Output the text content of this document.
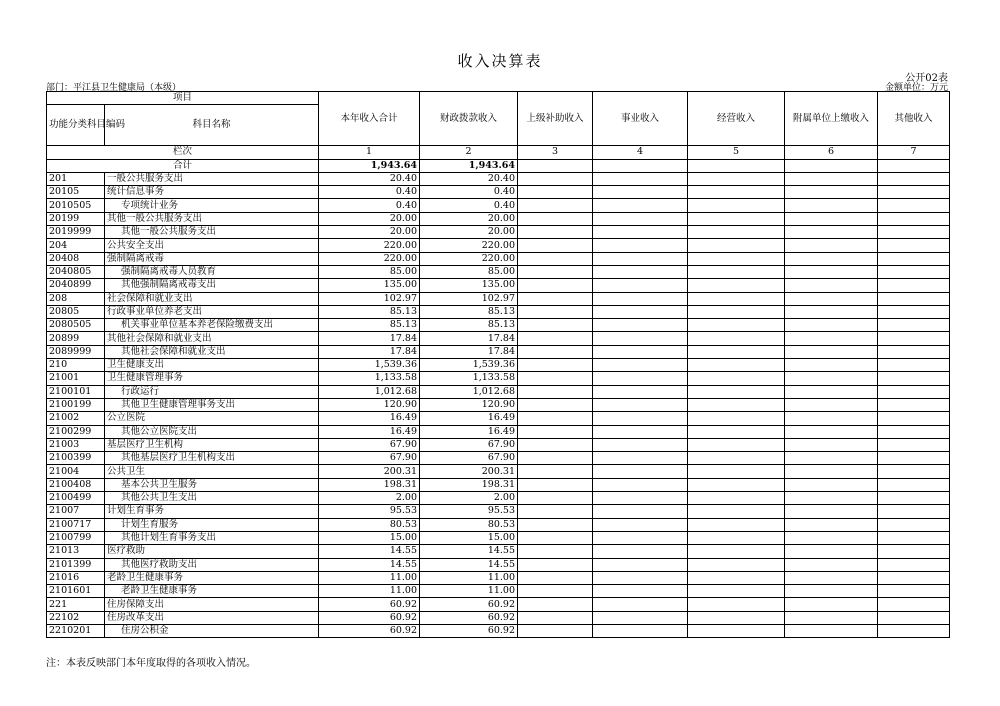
收入决算表
公开02表
部门：平江县卫生健康局（本级）	金额单位：万元
项目		本年收入合计	财政拨款收入	上级补助收入	事业收入	经营收入	附属单位上缴收入	其他收入
功能分类科目编码	科目名称							
栏次		1	2	3	4	5	6	7
合计		1,943.64	1,943.64					
201	一般公共服务支出	20.40	20.40					
20105	统计信息事务	0.40	0.40					
2010505	专项统计业务	0.40	0.40					
20199	其他一般公共服务支出	20.00	20.00					
2019999	其他一般公共服务支出	20.00	20.00					
204	公共安全支出	220.00	220.00					
20408	强制隔离戒毒	220.00	220.00					
2040805	强制隔离戒毒人员教育	85.00	85.00					
2040899	其他强制隔离戒毒支出	135.00	135.00					
208	社会保障和就业支出	102.97	102.97					
20805	行政事业单位养老支出	85.13	85.13					
2080505	机关事业单位基本养老保险缴费支出	85.13	85.13					
20899	其他社会保障和就业支出	17.84	17.84					
2089999	其他社会保障和就业支出	17.84	17.84					
210	卫生健康支出	1,539.36	1,539.36					
21001	卫生健康管理事务	1,133.58	1,133.58					
2100101	行政运行	1,012.68	1,012.68					
2100199	其他卫生健康管理事务支出	120.90	120.90					
21002	公立医院	16.49	16.49					
2100299	其他公立医院支出	16.49	16.49					
21003	基层医疗卫生机构	67.90	67.90					
2100399	其他基层医疗卫生机构支出	67.90	67.90					
21004	公共卫生	200.31	200.31					
2100408	基本公共卫生服务	198.31	198.31					
2100499	其他公共卫生支出	2.00	2.00					
21007	计划生育事务	95.53	95.53					
2100717	计划生育服务	80.53	80.53					
2100799	其他计划生育事务支出	15.00	15.00					
21013	医疗救助	14.55	14.55					
2101399	其他医疗救助支出	14.55	14.55					
21016	老龄卫生健康事务	11.00	11.00					
2101601	老龄卫生健康事务	11.00	11.00					
221	住房保障支出	60.92	60.92					
22102	住房改革支出	60.92	60.92					
2210201	住房公积金	60.92	60.92					
注：本表反映部门本年度取得的各项收入情况。
